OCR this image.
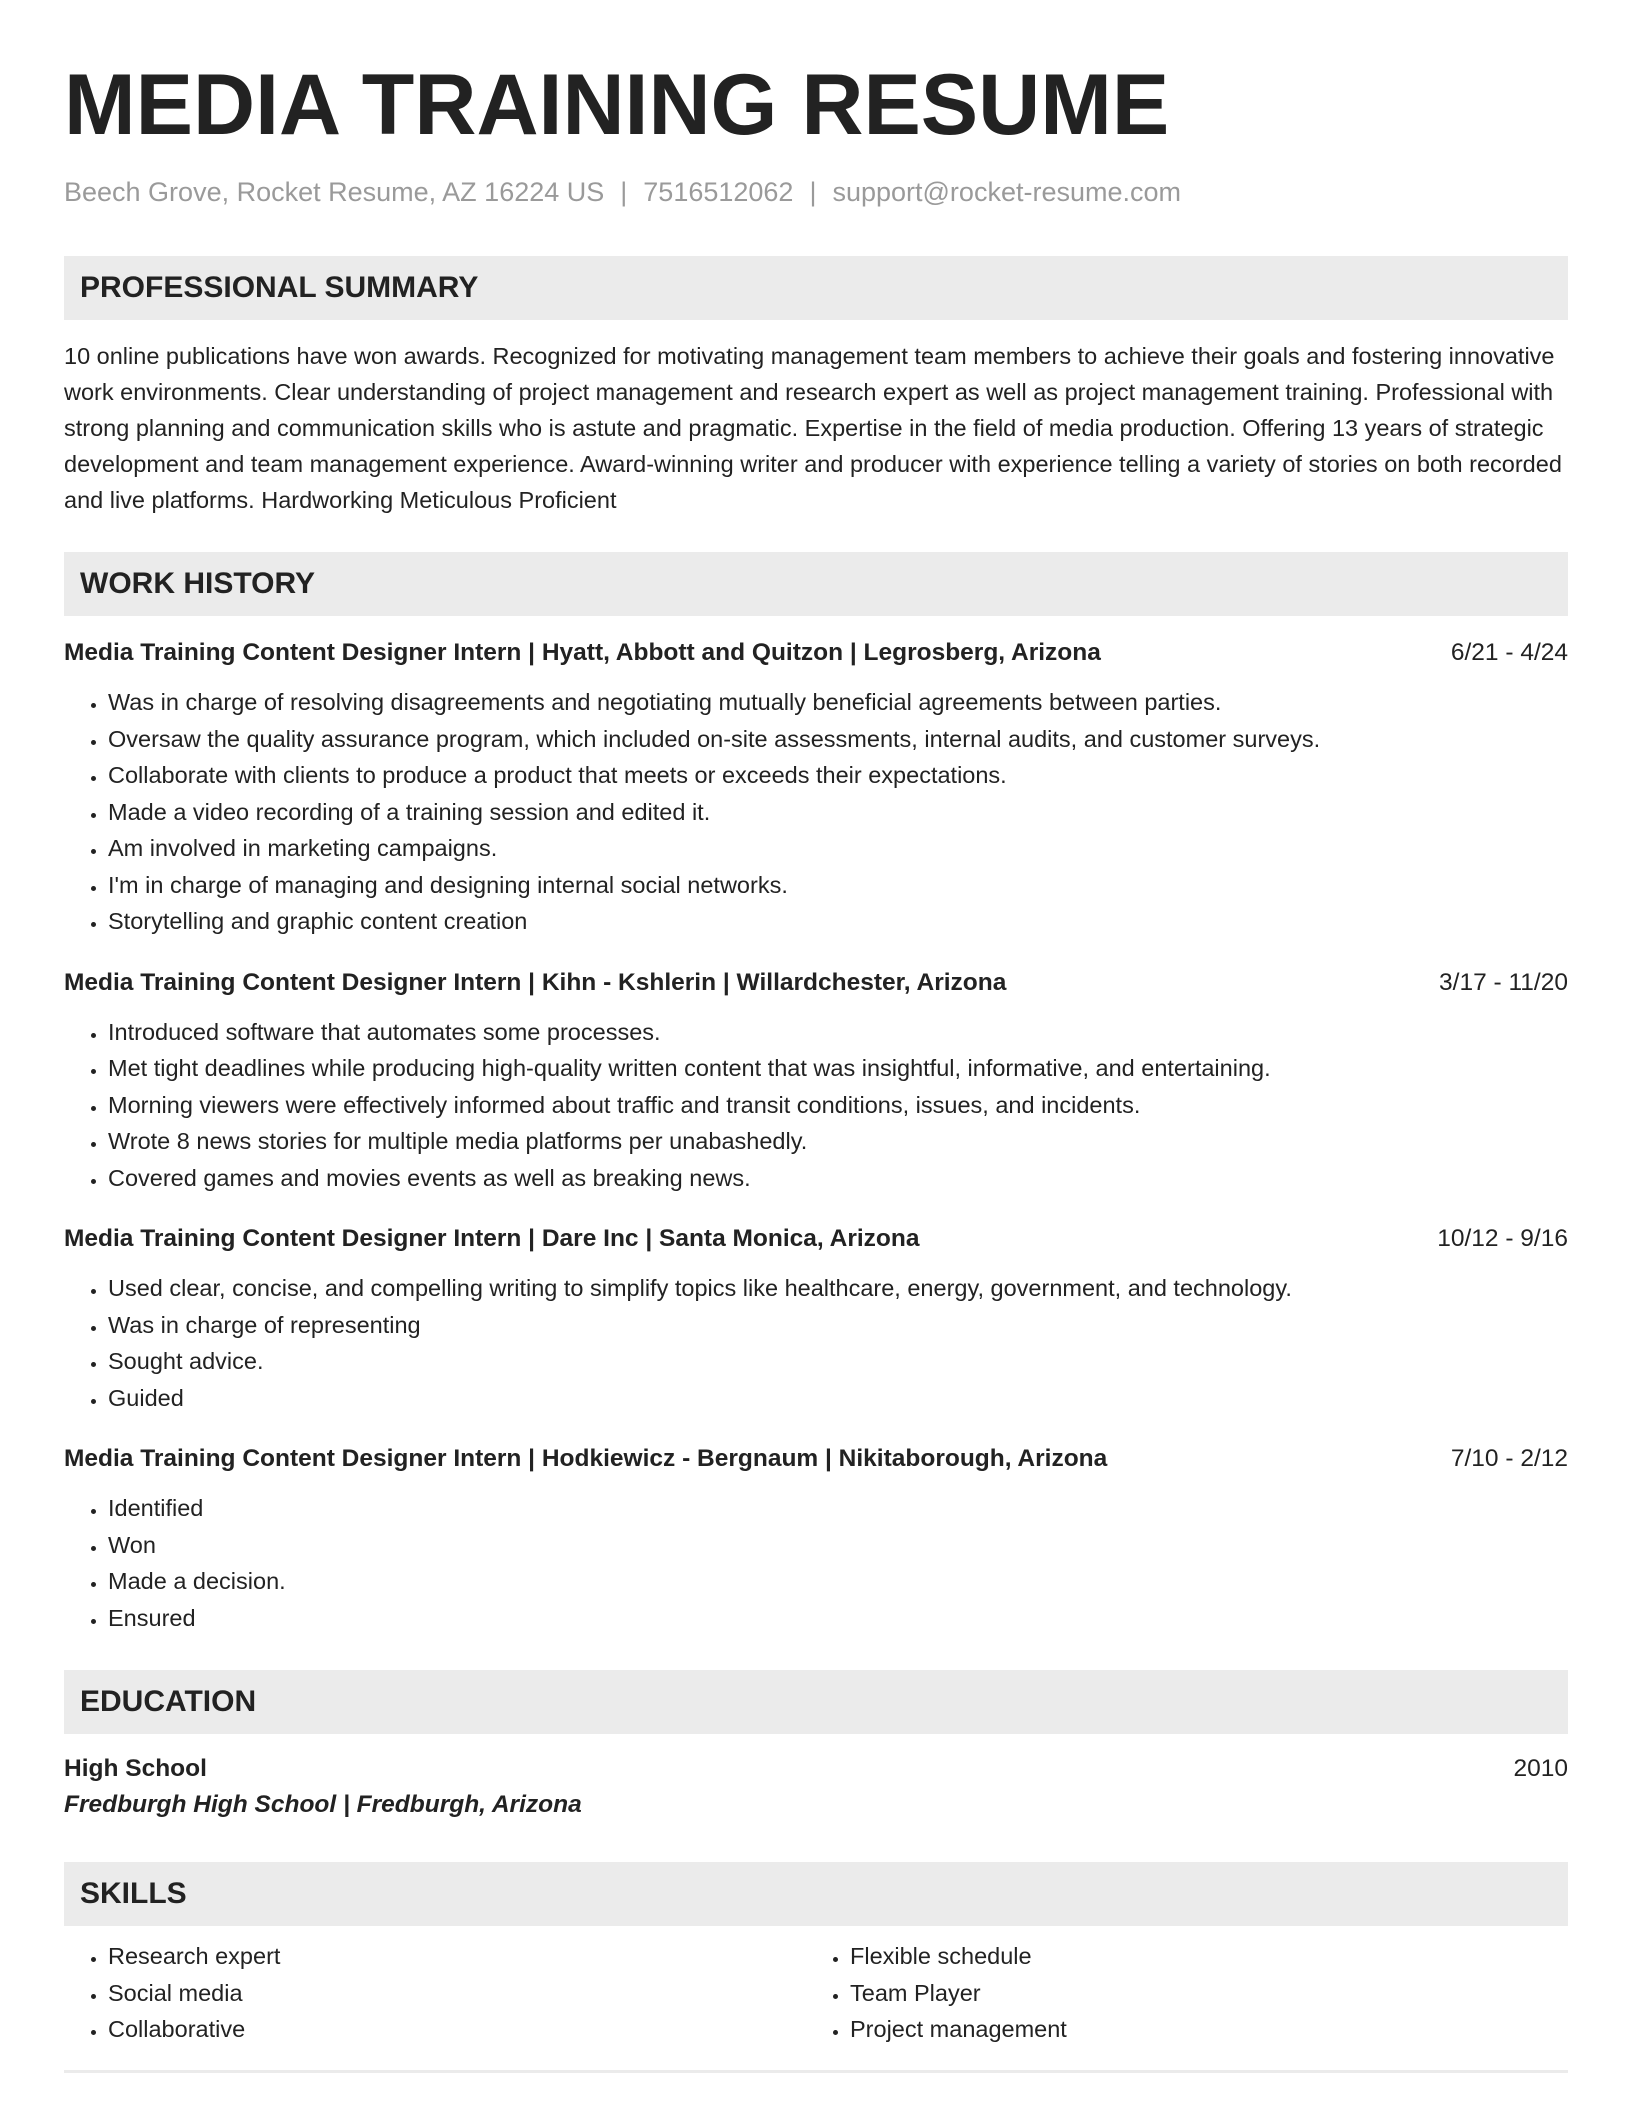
MEDIA TRAINING RESUME
Beech Grove, Rocket Resume, AZ 16224 US | 7516512062 | support@rocket-resume.com
PROFESSIONAL SUMMARY
10 online publications have won awards. Recognized for motivating management team members to achieve their goals and fostering innovative work environments. Clear understanding of project management and research expert as well as project management training. Professional with strong planning and communication skills who is astute and pragmatic. Expertise in the field of media production. Offering 13 years of strategic development and team management experience. Award-winning writer and producer with experience telling a variety of stories on both recorded and live platforms. Hardworking Meticulous Proficient
WORK HISTORY
Media Training Content Designer Intern | Hyatt, Abbott and Quitzon | Legrosberg, Arizona	6/21 - 4/24
• Was in charge of resolving disagreements and negotiating mutually beneficial agreements between parties.
• Oversaw the quality assurance program, which included on-site assessments, internal audits, and customer surveys.
• Collaborate with clients to produce a product that meets or exceeds their expectations.
• Made a video recording of a training session and edited it.
• Am involved in marketing campaigns.
• I'm in charge of managing and designing internal social networks.
• Storytelling and graphic content creation
Media Training Content Designer Intern | Kihn - Kshlerin | Willardchester, Arizona	3/17 - 11/20
• Introduced software that automates some processes.
• Met tight deadlines while producing high-quality written content that was insightful, informative, and entertaining.
• Morning viewers were effectively informed about traffic and transit conditions, issues, and incidents.
• Wrote 8 news stories for multiple media platforms per unabashedly.
• Covered games and movies events as well as breaking news.
Media Training Content Designer Intern | Dare Inc | Santa Monica, Arizona	10/12 - 9/16
• Used clear, concise, and compelling writing to simplify topics like healthcare, energy, government, and technology.
• Was in charge of representing
• Sought advice.
• Guided
Media Training Content Designer Intern | Hodkiewicz - Bergnaum | Nikitaborough, Arizona	7/10 - 2/12
• Identified
• Won
• Made a decision.
• Ensured
EDUCATION
High School	2010
Fredburgh High School | Fredburgh, Arizona
SKILLS
• Research expert
• Social media
• Collaborative
• Flexible schedule
• Team Player
• Project management
